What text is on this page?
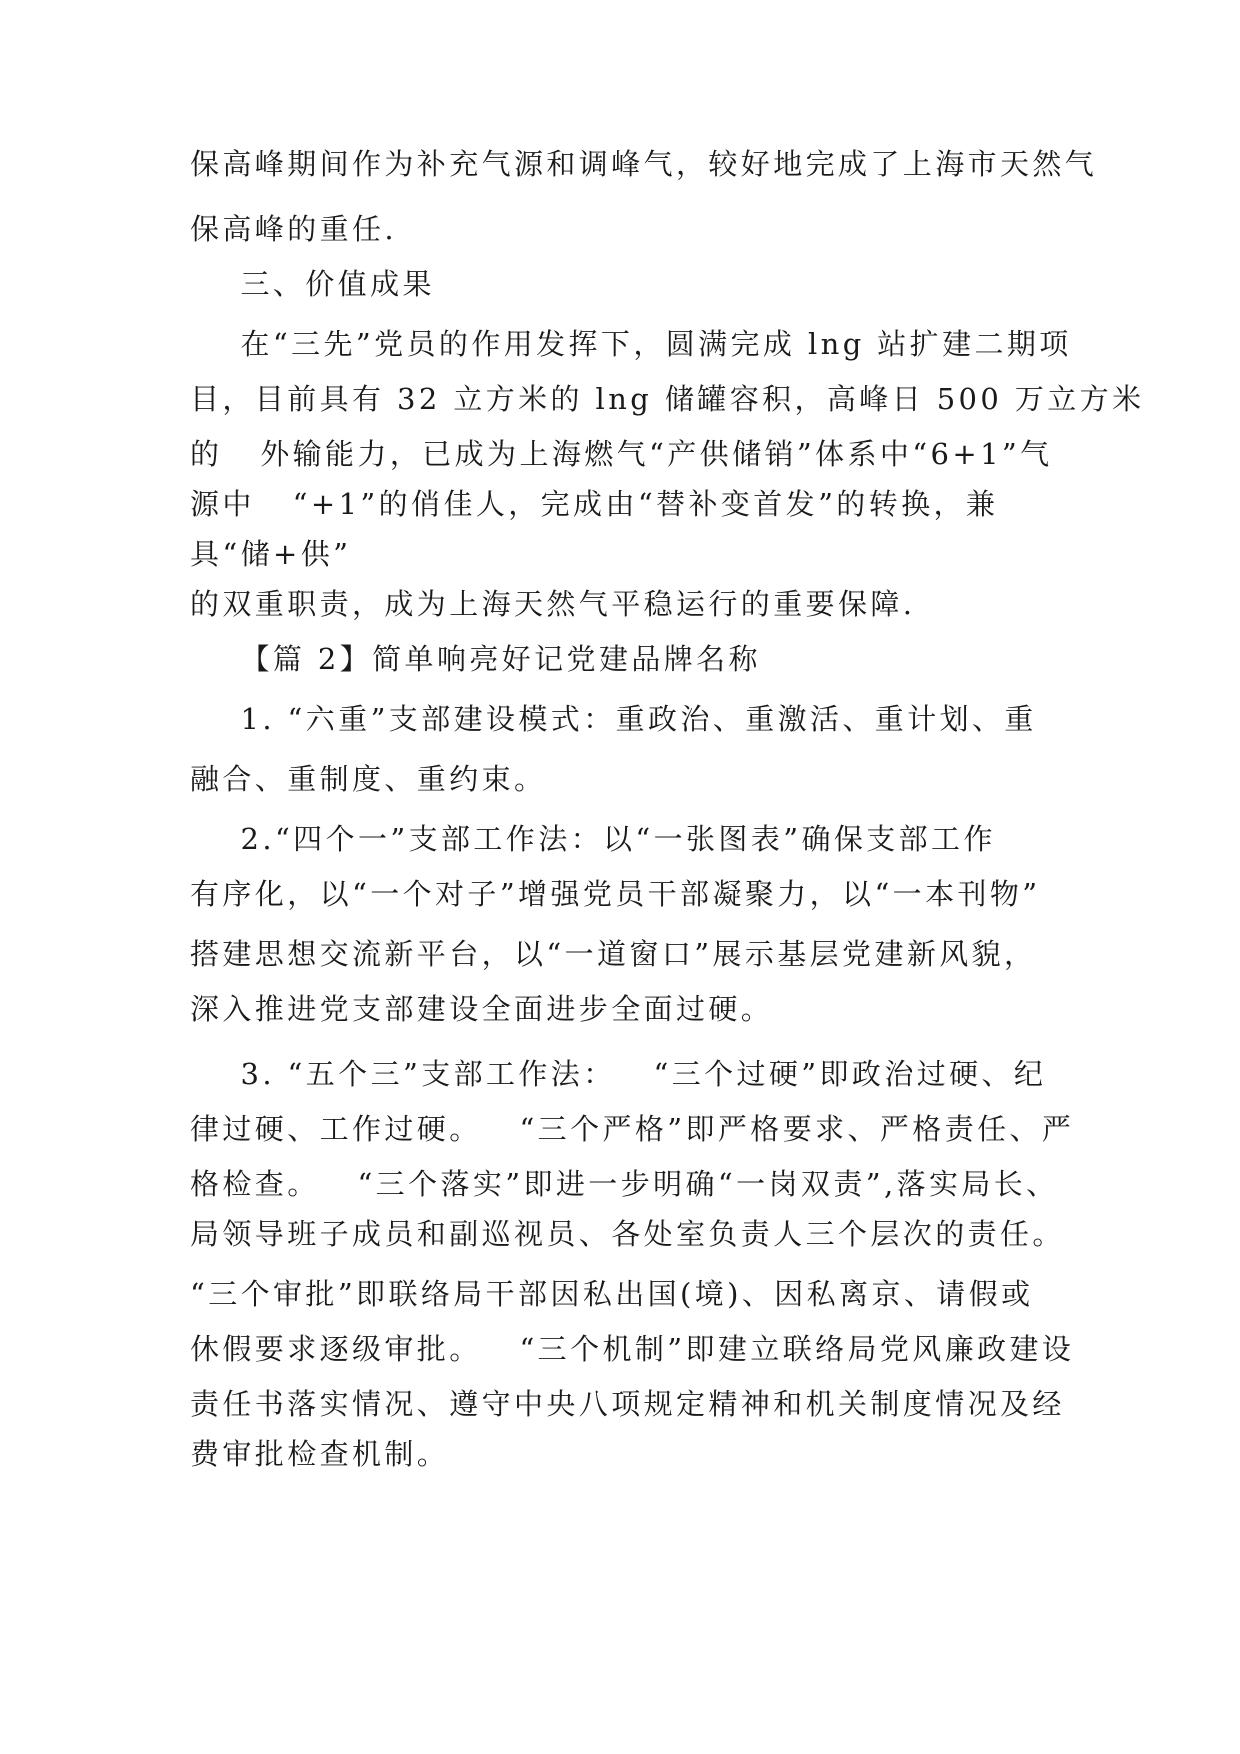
保高峰期间作为补充气源和调峰气，较好地完成了上海市天然气
保高峰的重任.
三、价值成果
在“三先”党员的作用发挥下，圆满完成 lng 站扩建二期项
目，目前具有 32 立方米的 lng 储罐容积，高峰日 500 万立方米
的   外输能力，已成为上海燃气“产供储销”体系中“6+1”气
源中   “+1”的俏佳人，完成由“替补变首发”的转换，兼
具“储+供”
的双重职责，成为上海天然气平稳运行的重要保障.
【篇 2】简单响亮好记党建品牌名称
1. “六重”支部建设模式：重政治、重激活、重计划、重
融合、重制度、重约束。
2.“四个一”支部工作法：以“一张图表”确保支部工作
有序化，以“一个对子”增强党员干部凝聚力，以“一本刊物”
搭建思想交流新平台，以“一道窗口”展示基层党建新风貌，
深入推进党支部建设全面进步全面过硬。
3. “五个三”支部工作法：   “三个过硬”即政治过硬、纪
律过硬、工作过硬。   “三个严格”即严格要求、严格责任、严
格检查。   “三个落实”即进一步明确“一岗双责”,落实局长、
局领导班子成员和副巡视员、各处室负责人三个层次的责任。
“三个审批”即联络局干部因私出国(境)、因私离京、请假或
休假要求逐级审批。   “三个机制”即建立联络局党风廉政建设
责任书落实情况、遵守中央八项规定精神和机关制度情况及经
费审批检查机制。
